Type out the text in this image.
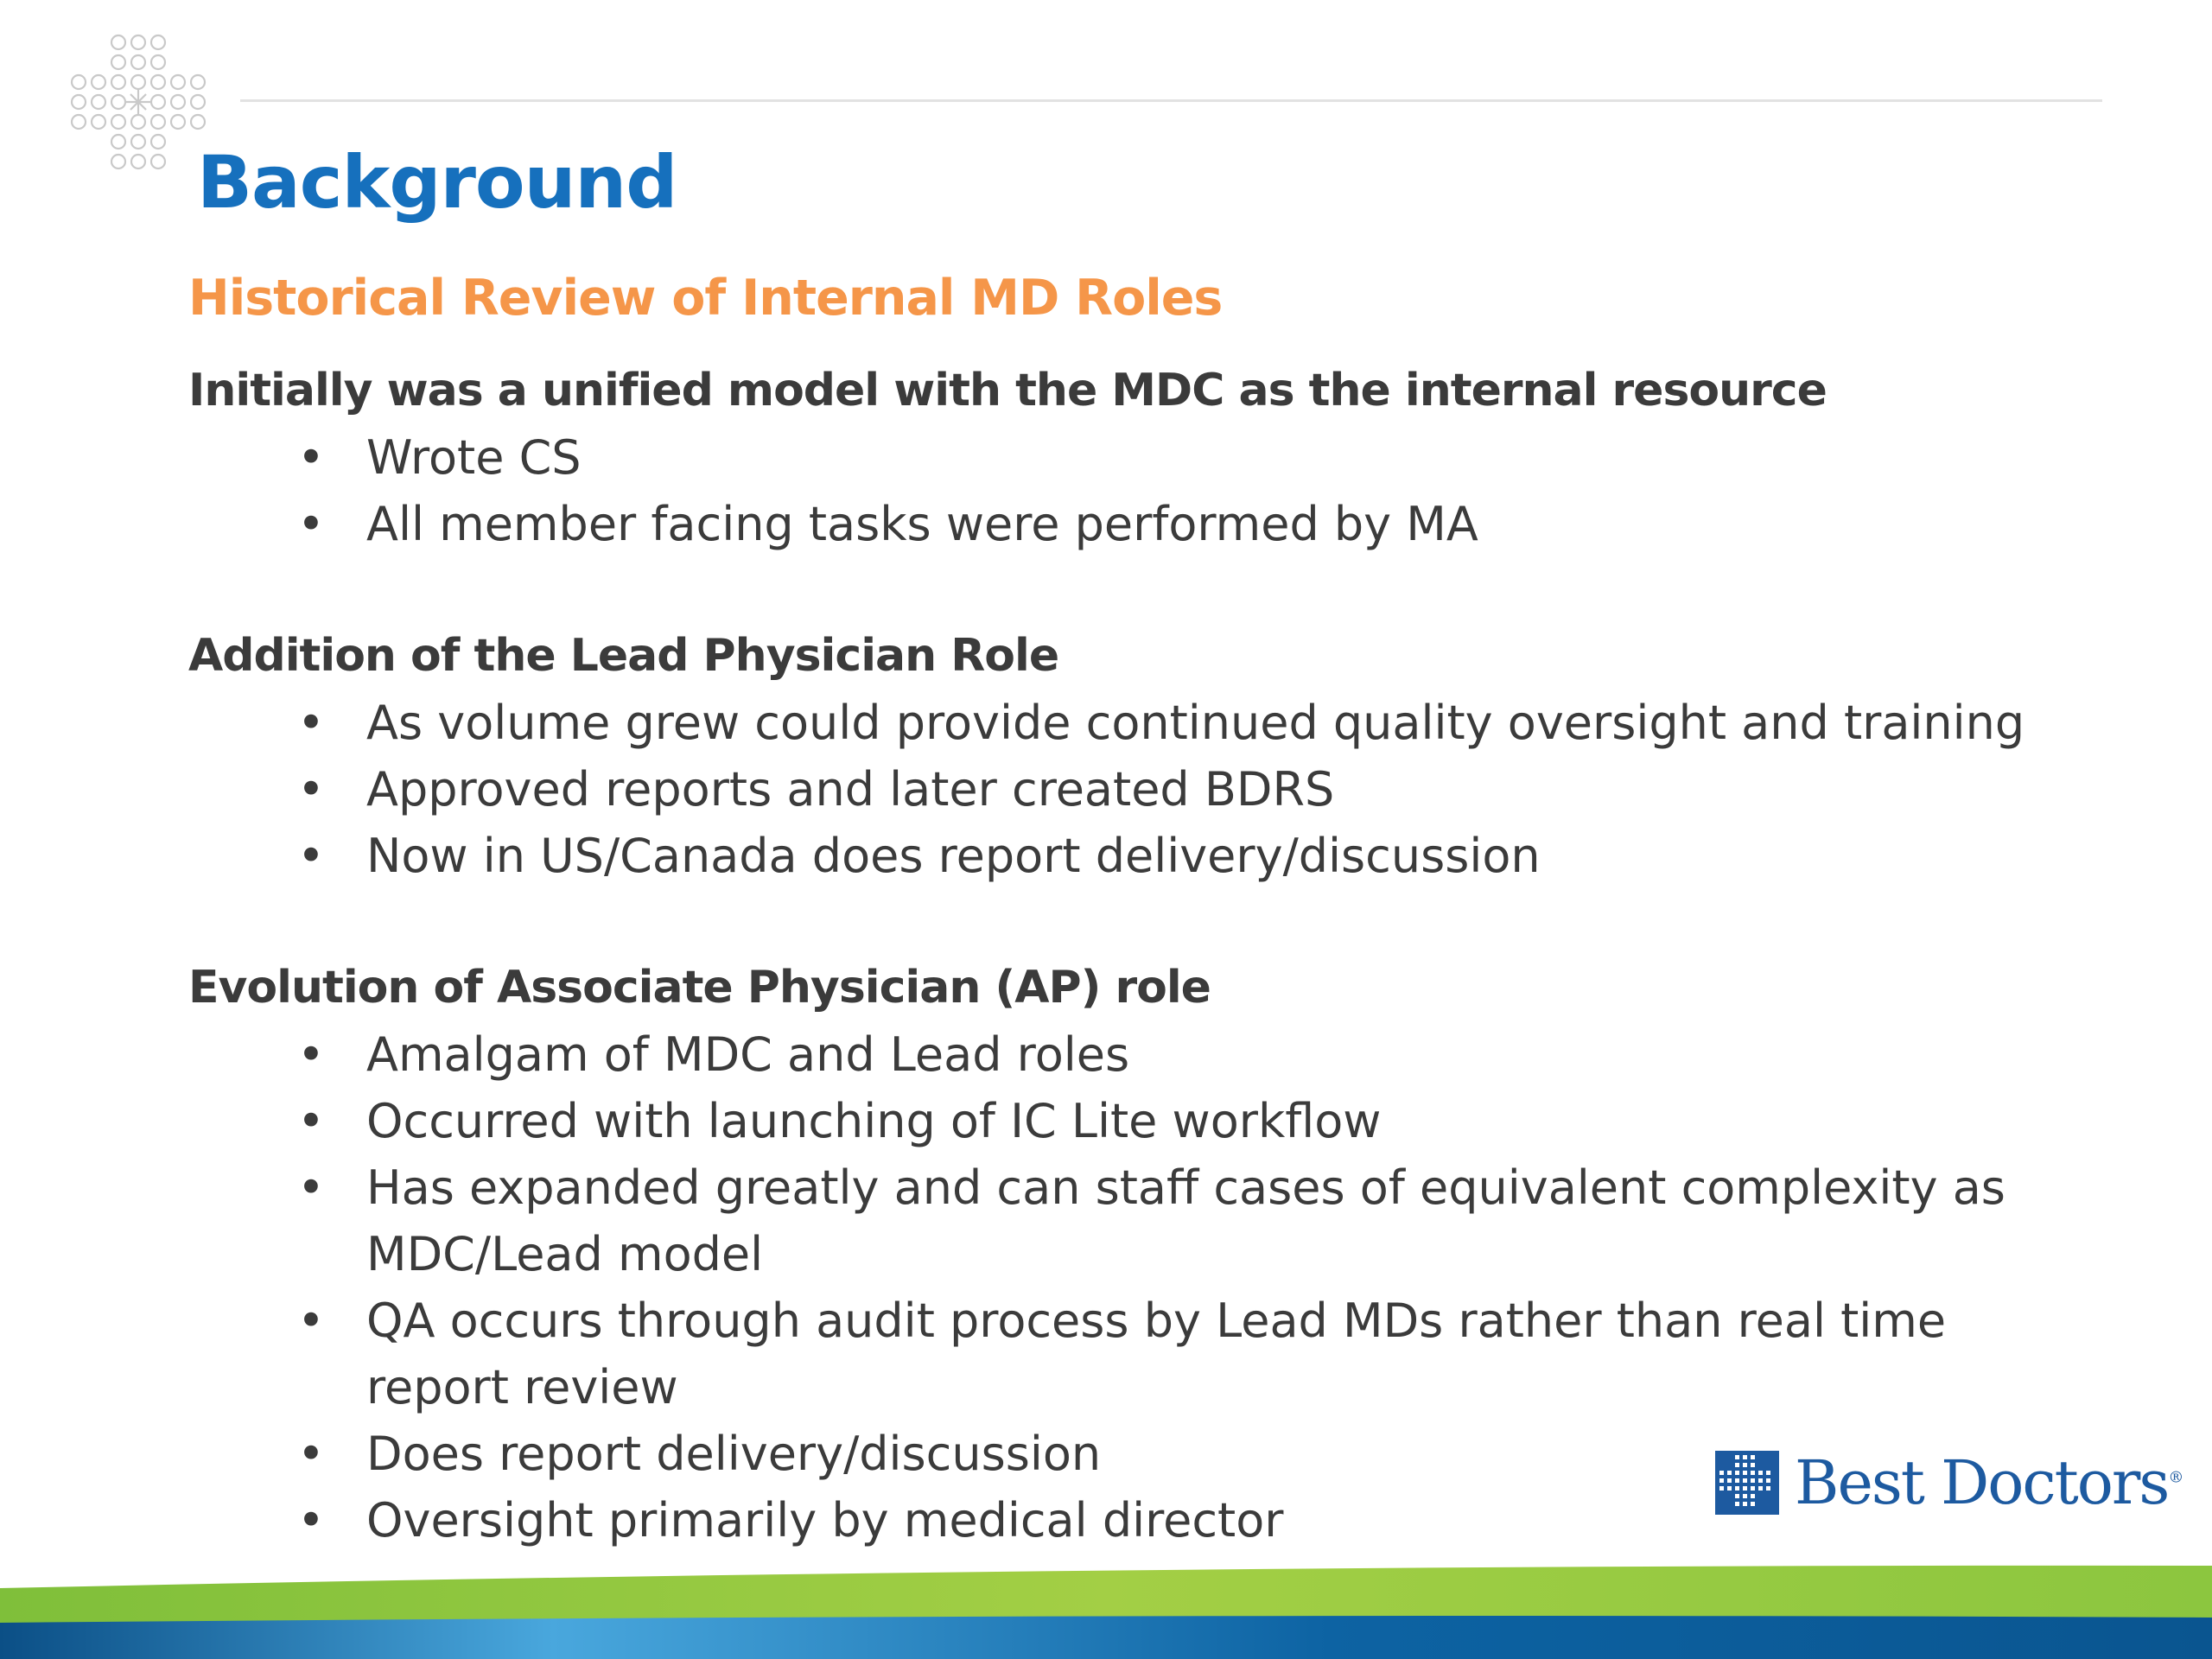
Background
Historical Review of Internal MD Roles
Initially was a unified model with the MDC as the internal resource
• Wrote CS
• All member facing tasks were performed by MA
Addition of the Lead Physician Role
• As volume grew could provide continued quality oversight and training
• Approved reports and later created BDRS
• Now in US/Canada does report delivery/discussion
Evolution of Associate Physician (AP) role
• Amalgam of MDC and Lead roles
• Occurred with launching of IC Lite workflow
• Has expanded greatly and can staff cases of equivalent complexity as MDC/Lead model
• QA occurs through audit process by Lead MDs rather than real time report review
• Does report delivery/discussion
• Oversight primarily by medical director
Best Doctors®
